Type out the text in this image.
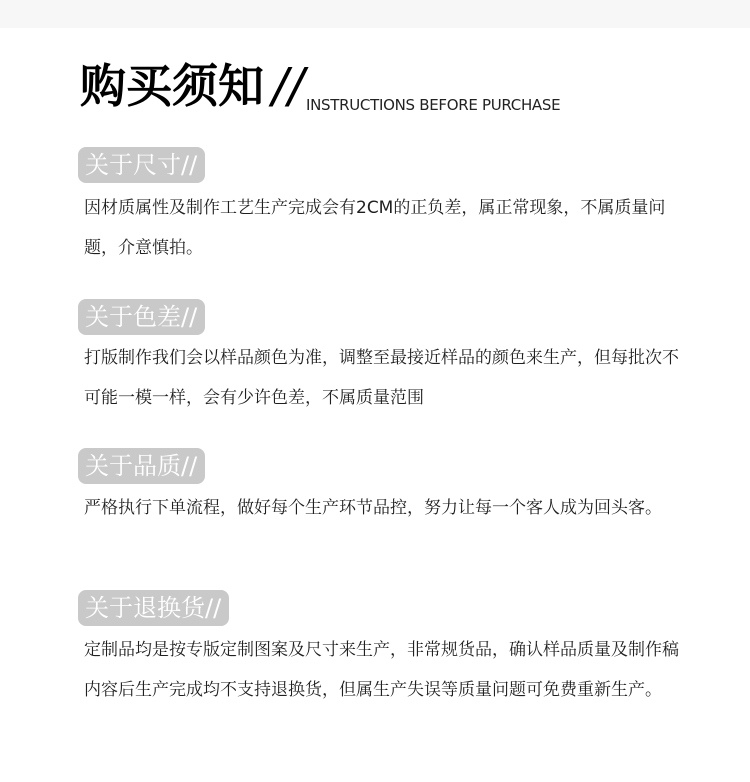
购买须知 // INSTRUCTIONS BEFORE PURCHASE
关于尺寸//

因材质属性及制作工艺生产完成会有2CM的正负差，属正常现象，不属质量问题，介意慎拍。

关于色差//

打版制作我们会以样品颜色为准，调整至最接近样品的颜色来生产，但每批次不可能一模一样，会有少许色差，不属质量范围

关于品质//

严格执行下单流程，做好每个生产环节品控，努力让每一个客人成为回头客。

关于退换货//

定制品均是按专版定制图案及尺寸来生产，非常规货品，确认样品质量及制作稿内容后生产完成均不支持退换货，但属生产失误等质量问题可免费重新生产。
